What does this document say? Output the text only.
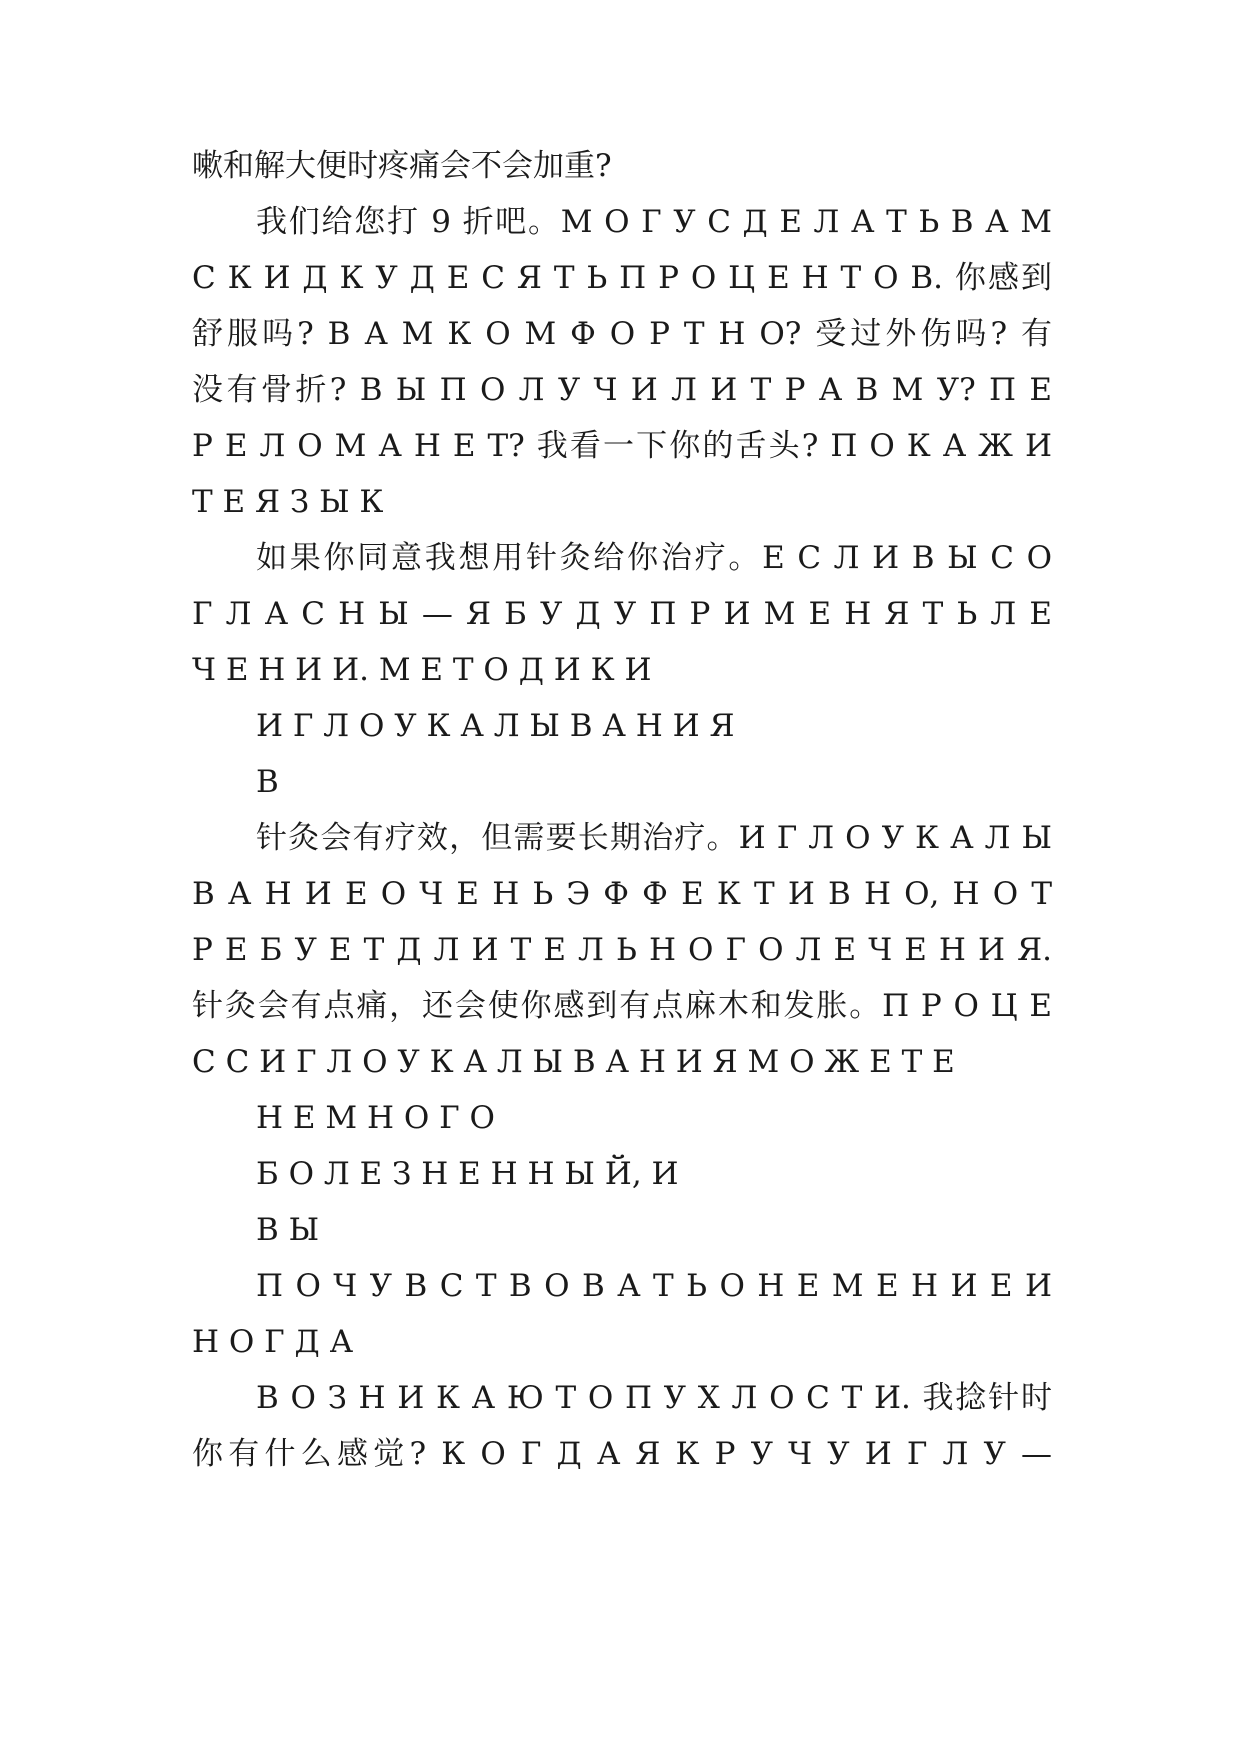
嗽和解大便时疼痛会不会加重?
我们给您打 9 折吧。М О Г У С Д Е Л А Т Ь В А М
С К И Д К У Д Е С Я Т Ь П Р О Ц Е Н Т О В. 你感到
舒服吗? В А М К О М Ф О Р Т Н О? 受过外伤吗? 有
没有骨折? В Ы П О Л У Ч И Л И Т Р А В М У? П Е
Р Е Л О М А Н Е Т? 我看一下你的舌头? П О К А Ж И
Т Е Я З Ы К
如果你同意我想用针灸给你治疗。Е С Л И В Ы С О
Г Л А С Н Ы — Я Б У Д У П Р И М Е Н Я Т Ь Л Е
Ч Е Н И И. М Е Т О Д И К И
И Г Л О У К А Л Ы В А Н И Я
В
针灸会有疗效，但需要长期治疗。И Г Л О У К А Л Ы
В А Н И Е О Ч Е Н Ь Э Ф Ф Е К Т И В Н О, Н О Т
Р Е Б У Е Т Д Л И Т Е Л Ь Н О Г О Л Е Ч Е Н И Я.
针灸会有点痛，还会使你感到有点麻木和发胀。П Р О Ц Е
С С И Г Л О У К А Л Ы В А Н И Я М О Ж Е Т Е
Н Е М Н О Г О
Б О Л Е З Н Е Н Н Ы Й, И
В Ы
П О Ч У В С Т В О В А Т Ь О Н Е М Е Н И Е И
Н О Г Д А
В О З Н И К А Ю Т О П У Х Л О С Т И. 我捻针时
你有什么感觉? К О Г Д А Я К Р У Ч У И Г Л У —
